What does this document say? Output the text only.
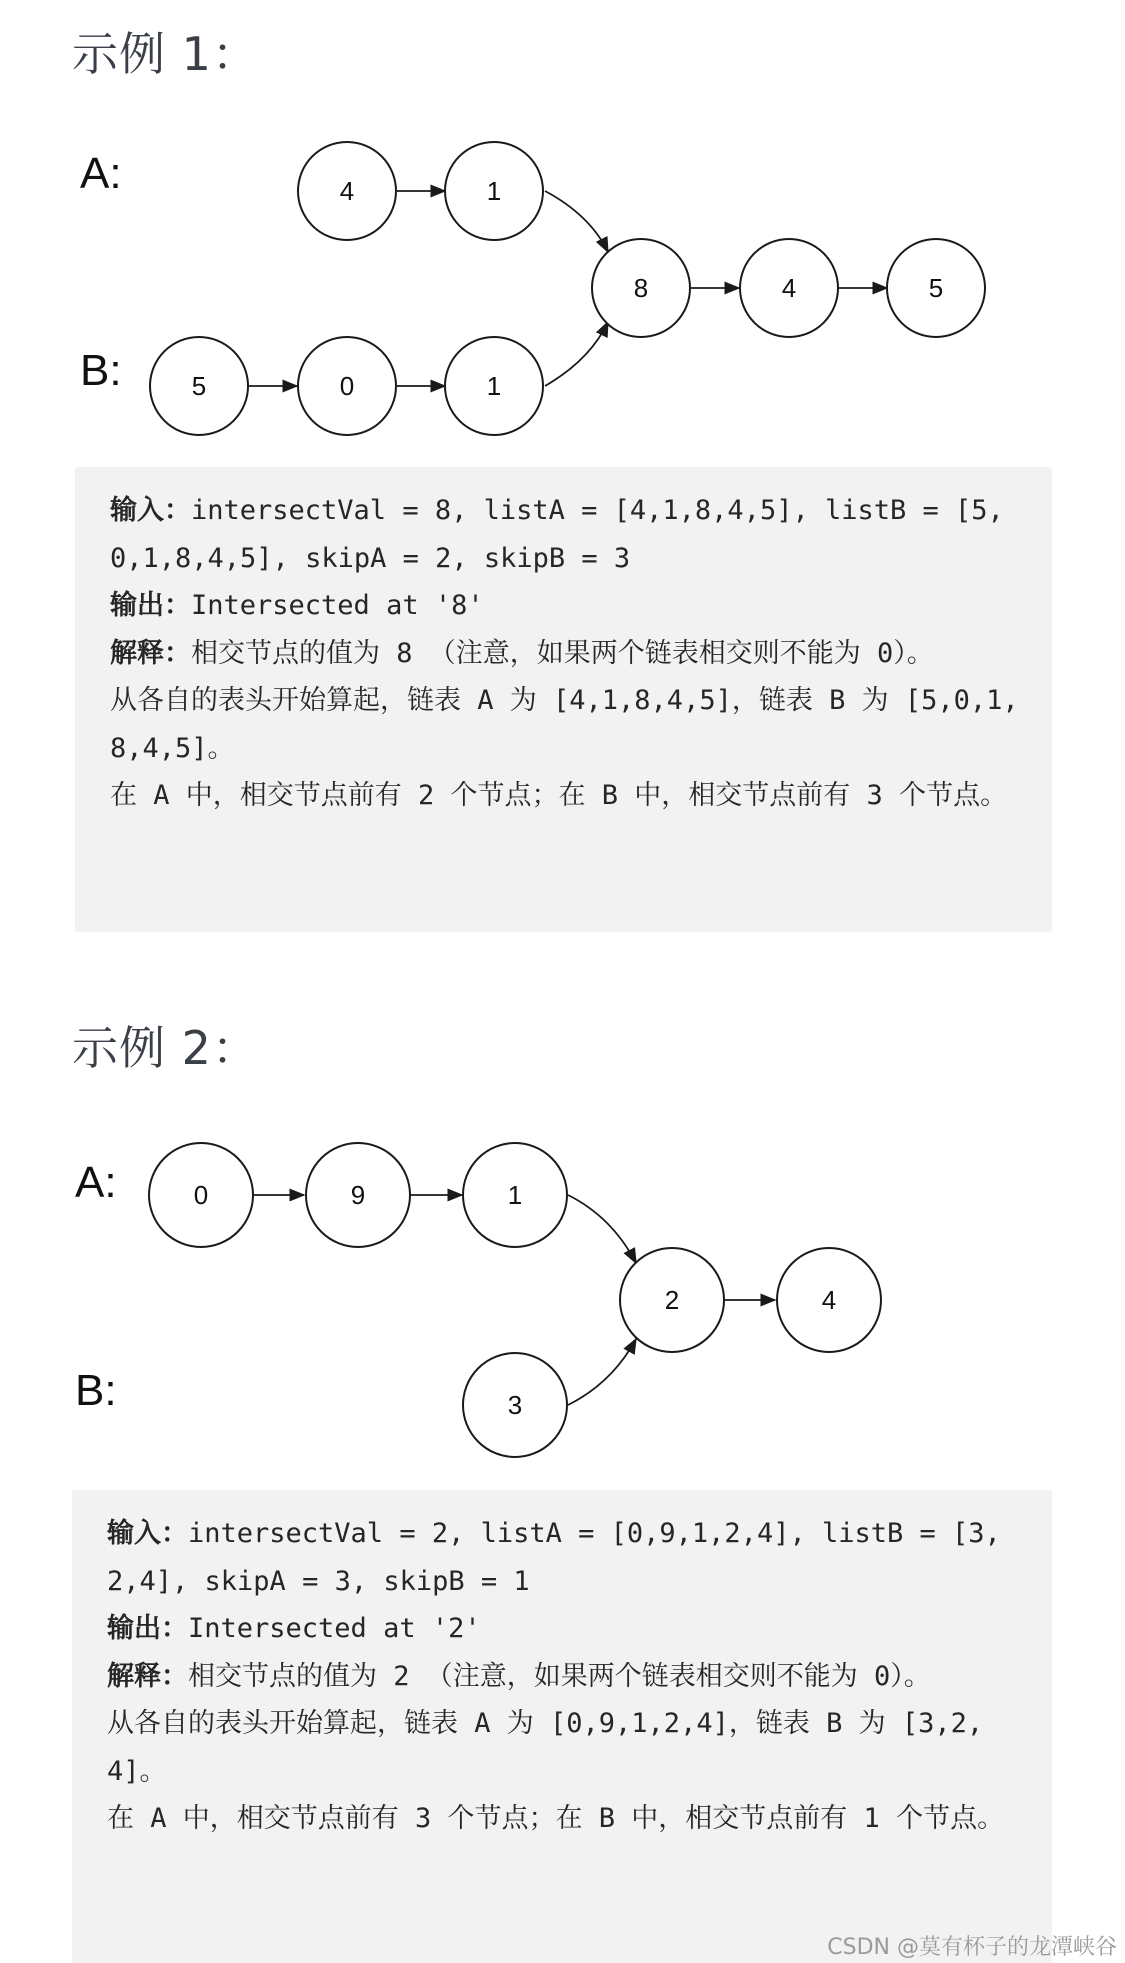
示例 1：
A:
B:
4	1
5	0	1
8	4	5
输入：intersectVal = 8, listA = [4,1,8,4,5], listB = [5,0,1,8,4,5], skipA = 2, skipB = 3
输出：Intersected at '8'
解释：相交节点的值为 8 （注意，如果两个链表相交则不能为 0）。
从各自的表头开始算起，链表 A 为 [4,1,8,4,5]，链表 B 为 [5,0,1,8,4,5]。
在 A 中，相交节点前有 2 个节点；在 B 中，相交节点前有 3 个节点。
示例 2：
A:
B:
0	9	1
3
2	4
输入：intersectVal = 2, listA = [0,9,1,2,4], listB = [3,2,4], skipA = 3, skipB = 1
输出：Intersected at '2'
解释：相交节点的值为 2 （注意，如果两个链表相交则不能为 0）。
从各自的表头开始算起，链表 A 为 [0,9,1,2,4]，链表 B 为 [3,2,4]。
在 A 中，相交节点前有 3 个节点；在 B 中，相交节点前有 1 个节点。
CSDN @莫有杯子的龙潭峡谷
